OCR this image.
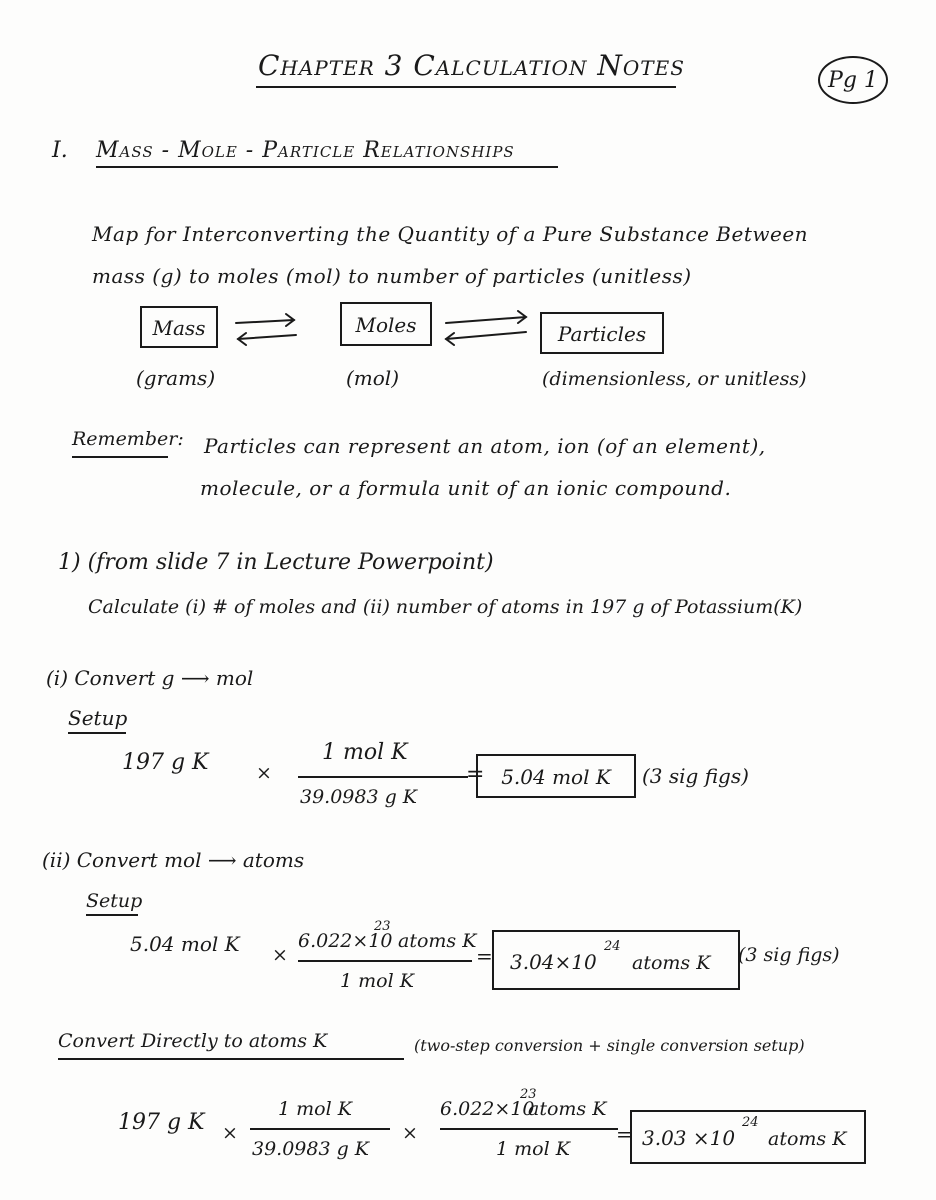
Chapter 3 Calculation Notes	Pg 1
I. Mass - Mole - Particle Relationships
Map for Interconverting the Quantity of a Pure Substance Between
mass (g) to moles (mol) to number of particles (unitless)
Mass	Moles	Particles
(grams)	(mol)	(dimensionless, or unitless)
Remember: Particles can represent an atom, ion (of an element),
molecule, or a formula unit of an ionic compound.
1) (from slide 7 in Lecture Powerpoint)
Calculate (i) # of moles and (ii) number of atoms in 197 g of Potassium(K)
(i) Convert g ⟶ mol
Setup
197 g K	×
1 mol K
39.0983 g K
= 5.04 mol K	(3 sig figs)
(ii) Convert mol ⟶ atoms
Setup
5.04 mol K ×
6.022×10
23
atoms K
1 mol K
= 3.04×10
24
atoms K (3 sig figs)
Convert Directly to atoms K	(two-step conversion + single conversion setup)
197 g K ×
1 mol K
39.0983 g K
×
6.022×10
23
atoms K
1 mol K
= 3.03 ×10
24
atoms K
